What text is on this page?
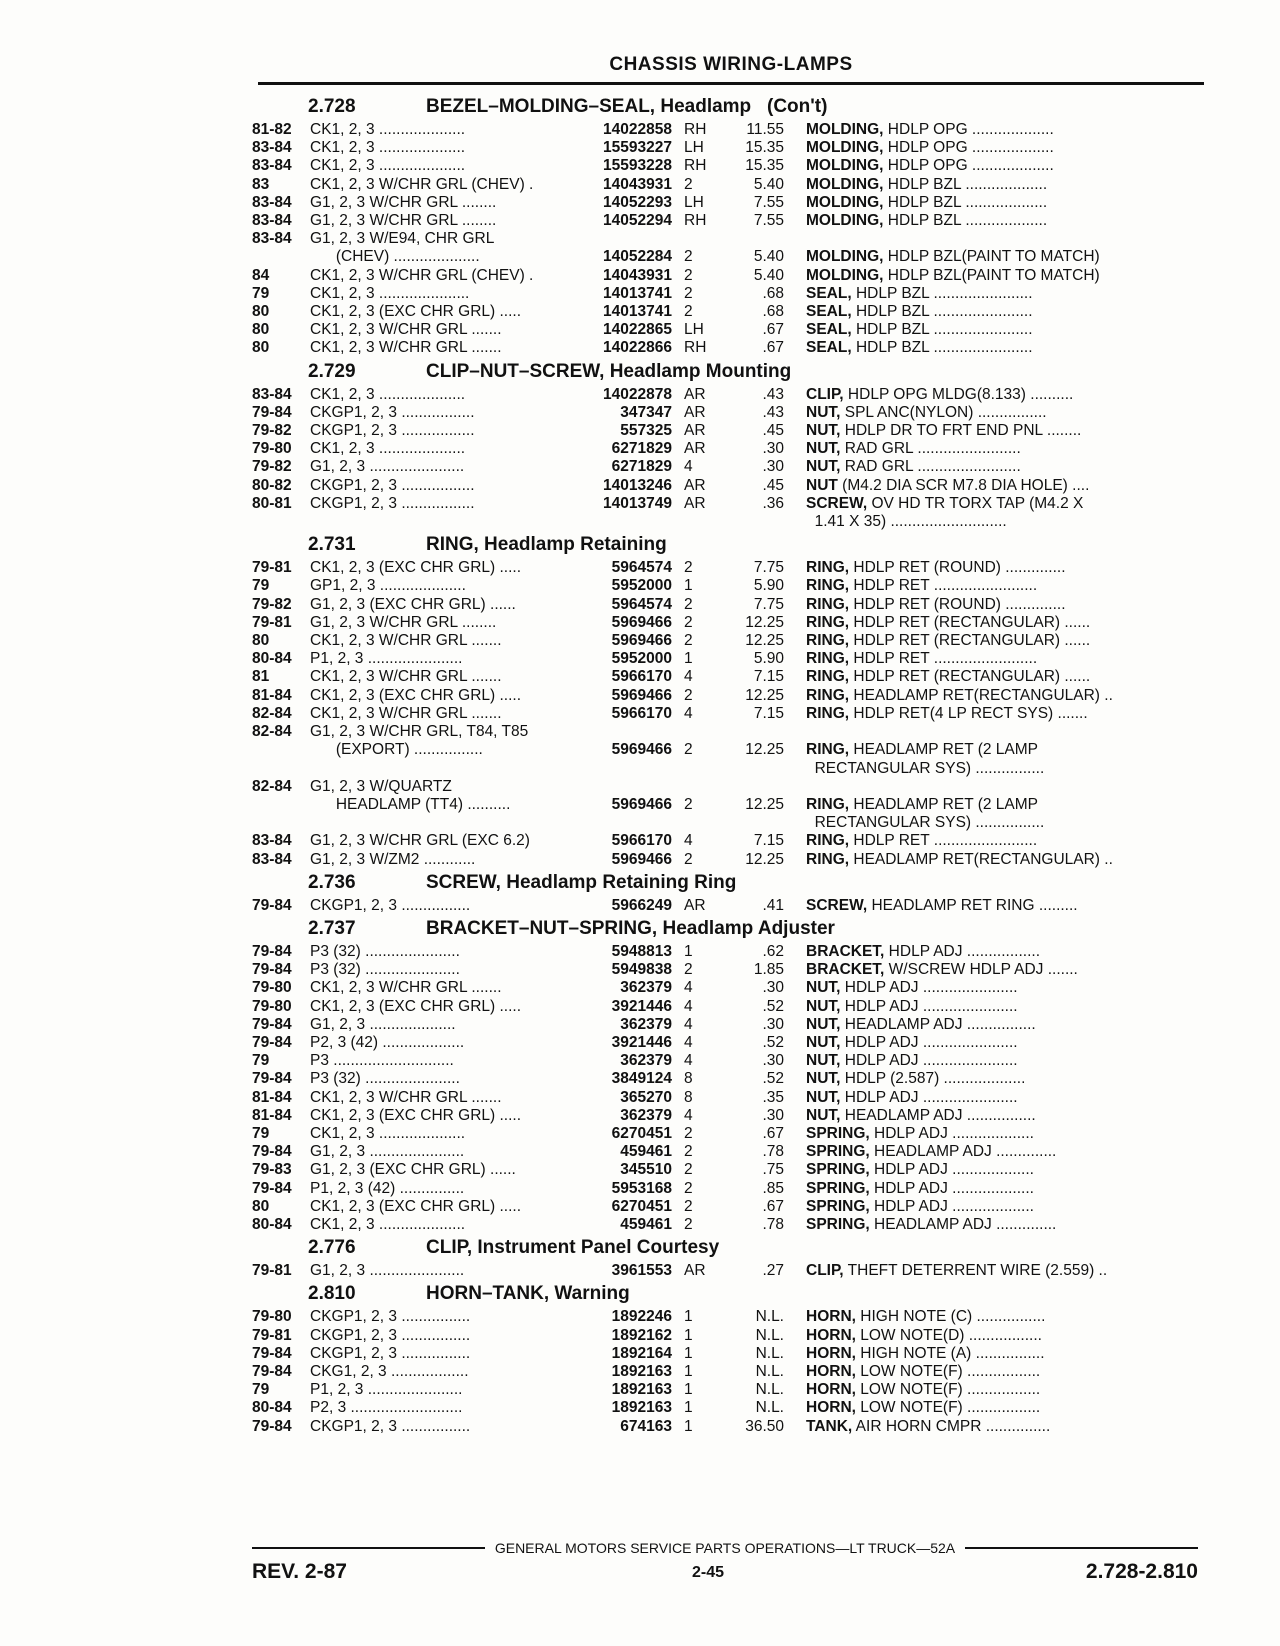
CHASSIS WIRING-LAMPS
2.728	BEZEL–MOLDING–SEAL, Headlamp   (Con't)
81-82	CK1, 2, 3 ....................	14022858 RH	11.55	MOLDING, HDLP OPG ...................
83-84	CK1, 2, 3 ....................	15593227 LH	15.35	MOLDING, HDLP OPG ...................
83-84	CK1, 2, 3 ....................	15593228 RH	15.35	MOLDING, HDLP OPG ...................
83	CK1, 2, 3 W/CHR GRL (CHEV) .	14043931 2	5.40	MOLDING, HDLP BZL ...................
83-84	G1, 2, 3 W/CHR GRL ........	14052293 LH	7.55	MOLDING, HDLP BZL ...................
83-84	G1, 2, 3 W/CHR GRL ........	14052294 RH	7.55	MOLDING, HDLP BZL ...................
83-84	G1, 2, 3 W/E94, CHR GRL
(CHEV) ....................	14052284 2	5.40	MOLDING, HDLP BZL(PAINT TO MATCH)
84	CK1, 2, 3 W/CHR GRL (CHEV) .	14043931 2	5.40	MOLDING, HDLP BZL(PAINT TO MATCH)
79	CK1, 2, 3 .....................	14013741 2	.68	SEAL, HDLP BZL .......................
80	CK1, 2, 3 (EXC CHR GRL) .....	14013741 2	.68	SEAL, HDLP BZL .......................
80	CK1, 2, 3 W/CHR GRL .......	14022865 LH	.67	SEAL, HDLP BZL .......................
80	CK1, 2, 3 W/CHR GRL .......	14022866 RH	.67	SEAL, HDLP BZL .......................
2.729	CLIP–NUT–SCREW, Headlamp Mounting
83-84	CK1, 2, 3 ....................	14022878 AR	.43	CLIP, HDLP OPG MLDG(8.133) ..........
79-84	CKGP1, 2, 3 .................	347347 AR	.43	NUT, SPL ANC(NYLON) ................
79-82	CKGP1, 2, 3 .................	557325 AR	.45	NUT, HDLP DR TO FRT END PNL ........
79-80	CK1, 2, 3 ....................	6271829 AR	.30	NUT, RAD GRL ........................
79-82	G1, 2, 3 ......................	6271829 4	.30	NUT, RAD GRL ........................
80-82	CKGP1, 2, 3 .................	14013246 AR	.45	NUT (M4.2 DIA SCR M7.8 DIA HOLE) ....
80-81	CKGP1, 2, 3 .................	14013749 AR	.36	SCREW, OV HD TR TORX TAP (M4.2 X
1.41 X 35) ...........................
2.731	RING, Headlamp Retaining
79-81	CK1, 2, 3 (EXC CHR GRL) .....	5964574 2	7.75	RING, HDLP RET (ROUND) ..............
79	GP1, 2, 3 ....................	5952000 1	5.90	RING, HDLP RET ........................
79-82	G1, 2, 3 (EXC CHR GRL) ......	5964574 2	7.75	RING, HDLP RET (ROUND) ..............
79-81	G1, 2, 3 W/CHR GRL ........	5969466 2	12.25	RING, HDLP RET (RECTANGULAR) ......
80	CK1, 2, 3 W/CHR GRL .......	5969466 2	12.25	RING, HDLP RET (RECTANGULAR) ......
80-84	P1, 2, 3 ......................	5952000 1	5.90	RING, HDLP RET ........................
81	CK1, 2, 3 W/CHR GRL .......	5966170 4	7.15	RING, HDLP RET (RECTANGULAR) ......
81-84	CK1, 2, 3 (EXC CHR GRL) .....	5969466 2	12.25	RING, HEADLAMP RET(RECTANGULAR) ..
82-84	CK1, 2, 3 W/CHR GRL .......	5966170 4	7.15	RING, HDLP RET(4 LP RECT SYS) .......
82-84	G1, 2, 3 W/CHR GRL, T84, T85
(EXPORT) ................	5969466 2	12.25	RING, HEADLAMP RET (2 LAMP
RECTANGULAR SYS) ................
82-84	G1, 2, 3 W/QUARTZ
HEADLAMP (TT4) ..........	5969466 2	12.25	RING, HEADLAMP RET (2 LAMP
RECTANGULAR SYS) ................
83-84	G1, 2, 3 W/CHR GRL (EXC 6.2)	5966170 4	7.15	RING, HDLP RET ........................
83-84	G1, 2, 3 W/ZM2 ............	5969466 2	12.25	RING, HEADLAMP RET(RECTANGULAR) ..
2.736	SCREW, Headlamp Retaining Ring
79-84	CKGP1, 2, 3 ................	5966249 AR	.41	SCREW, HEADLAMP RET RING .........
2.737	BRACKET–NUT–SPRING, Headlamp Adjuster
79-84	P3 (32) ......................	5948813 1	.62	BRACKET, HDLP ADJ .................
79-84	P3 (32) ......................	5949838 2	1.85	BRACKET, W/SCREW HDLP ADJ .......
79-80	CK1, 2, 3 W/CHR GRL .......	362379 4	.30	NUT, HDLP ADJ ......................
79-80	CK1, 2, 3 (EXC CHR GRL) .....	3921446 4	.52	NUT, HDLP ADJ ......................
79-84	G1, 2, 3 ....................	362379 4	.30	NUT, HEADLAMP ADJ ................
79-84	P2, 3 (42) ...................	3921446 4	.52	NUT, HDLP ADJ ......................
79	P3 ............................	362379 4	.30	NUT, HDLP ADJ ......................
79-84	P3 (32) ......................	3849124 8	.52	NUT, HDLP (2.587) ...................
81-84	CK1, 2, 3 W/CHR GRL .......	365270 8	.35	NUT, HDLP ADJ ......................
81-84	CK1, 2, 3 (EXC CHR GRL) .....	362379 4	.30	NUT, HEADLAMP ADJ ................
79	CK1, 2, 3 ....................	6270451 2	.67	SPRING, HDLP ADJ ...................
79-84	G1, 2, 3 ......................	459461 2	.78	SPRING, HEADLAMP ADJ ..............
79-83	G1, 2, 3 (EXC CHR GRL) ......	345510 2	.75	SPRING, HDLP ADJ ...................
79-84	P1, 2, 3 (42) ...............	5953168 2	.85	SPRING, HDLP ADJ ...................
80	CK1, 2, 3 (EXC CHR GRL) .....	6270451 2	.67	SPRING, HDLP ADJ ...................
80-84	CK1, 2, 3 ....................	459461 2	.78	SPRING, HEADLAMP ADJ ..............
2.776	CLIP, Instrument Panel Courtesy
79-81	G1, 2, 3 ......................	3961553 AR	.27	CLIP, THEFT DETERRENT WIRE (2.559) ..
2.810	HORN–TANK, Warning
79-80	CKGP1, 2, 3 ................	1892246 1	N.L.	HORN, HIGH NOTE (C) ................
79-81	CKGP1, 2, 3 ................	1892162 1	N.L.	HORN, LOW NOTE(D) .................
79-84	CKGP1, 2, 3 ................	1892164 1	N.L.	HORN, HIGH NOTE (A) ................
79-84	CKG1, 2, 3 ..................	1892163 1	N.L.	HORN, LOW NOTE(F) .................
79	P1, 2, 3 ......................	1892163 1	N.L.	HORN, LOW NOTE(F) .................
80-84	P2, 3 ..........................	1892163 1	N.L.	HORN, LOW NOTE(F) .................
79-84	CKGP1, 2, 3 ................	674163 1	36.50	TANK, AIR HORN CMPR ...............
GENERAL MOTORS SERVICE PARTS OPERATIONS—LT TRUCK—52A
REV. 2-87	2-45	2.728-2.810
